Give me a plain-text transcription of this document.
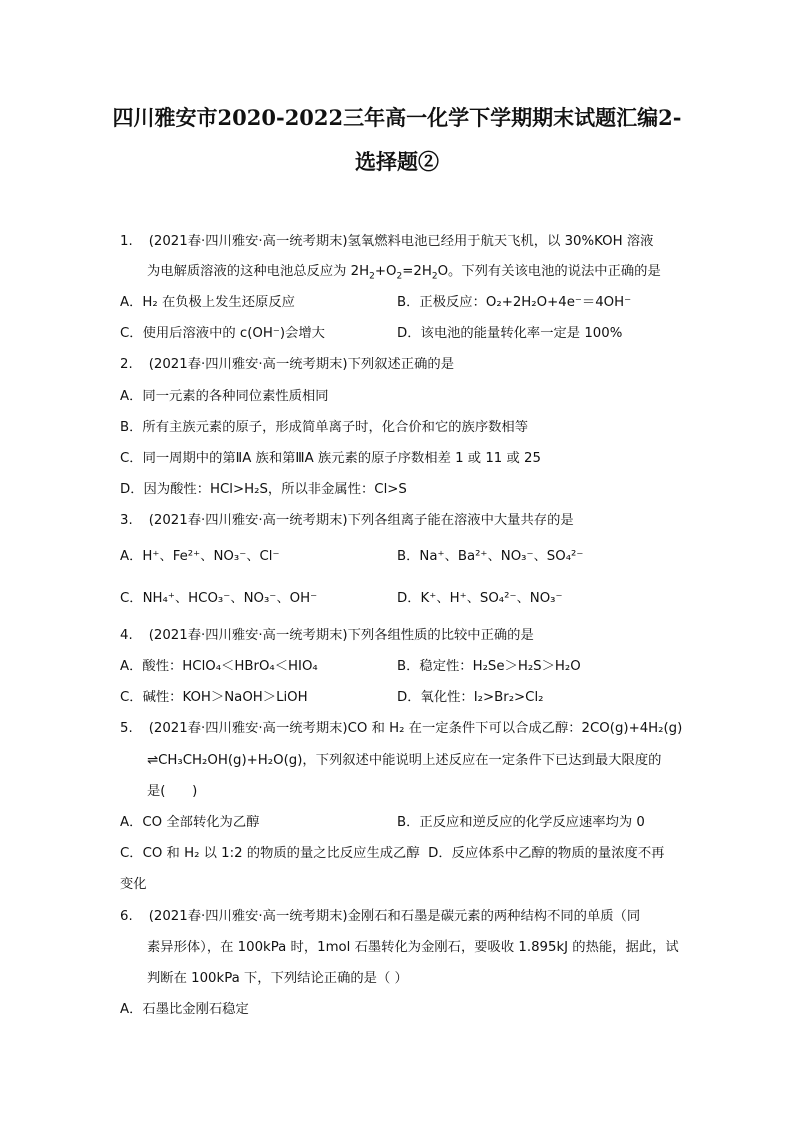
四川雅安市2020-2022三年高一化学下学期期末试题汇编2-
选择题②
1. (2021春·四川雅安·高一统考期末)氢氧燃料电池已经用于航天飞机，以 30%KOH 溶液
为电解质溶液的这种电池总反应为 $2H_2+O_2=2H_2O$。下列有关该电池的说法中正确的是
A．H₂ 在负极上发生还原反应	B．正极反应：O₂+2H₂O+4e⁻＝4OH⁻
C．使用后溶液中的 c(OH⁻)会增大	D．该电池的能量转化率一定是 100%
2. (2021春·四川雅安·高一统考期末)下列叙述正确的是
A．同一元素的各种同位素性质相同
B．所有主族元素的原子，形成简单离子时，化合价和它的族序数相等
C．同一周期中的第ⅡA 族和第ⅢA 族元素的原子序数相差 1 或 11 或 25
D．因为酸性：HCl>H₂S，所以非金属性：Cl>S
3. (2021春·四川雅安·高一统考期末)下列各组离子能在溶液中大量共存的是
A．H⁺、Fe²⁺、NO₃⁻、Cl⁻	B．Na⁺、Ba²⁺、NO₃⁻、SO₄²⁻
C．NH₄⁺、HCO₃⁻、NO₃⁻、OH⁻	D．K⁺、H⁺、SO₄²⁻、NO₃⁻
4. (2021春·四川雅安·高一统考期末)下列各组性质的比较中正确的是
A．酸性：HClO₄＜HBrO₄＜HIO₄	B．稳定性：H₂Se＞H₂S＞H₂O
C．碱性：KOH＞NaOH＞LiOH	D．氧化性：I₂>Br₂>Cl₂
5. (2021春·四川雅安·高一统考期末)CO 和 H₂ 在一定条件下可以合成乙醇：2CO(g)+4H₂(g)
⇌CH₃CH₂OH(g)+H₂O(g)，下列叙述中能说明上述反应在一定条件下已达到最大限度的
是(　　)
A．CO 全部转化为乙醇	B．正反应和逆反应的化学反应速率均为 0
C．CO 和 H₂ 以 1:2 的物质的量之比反应生成乙醇 D．反应体系中乙醇的物质的量浓度不再
变化
6. (2021春·四川雅安·高一统考期末)金刚石和石墨是碳元素的两种结构不同的单质（同
素异形体），在 100kPa 时，1mol 石墨转化为金刚石，要吸收 1.895kJ 的热能，据此，试
判断在 100kPa 下，下列结论正确的是（ ）
A．石墨比金刚石稳定
